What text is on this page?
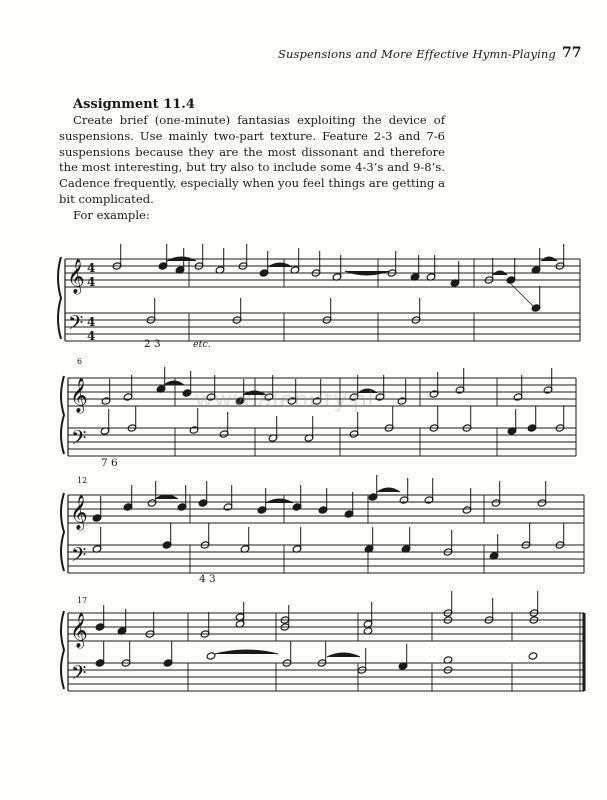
Suspensions and More Effective Hymn-Playing 77
Assignment 11.4

Create brief (one-minute) fantasias exploiting the device of suspensions. Use mainly two-part texture. Feature 2-3 and 7-6 suspensions because they are the most dissonant and therefore the most interesting, but try also to include some 4-3’s and 9-8’s. Cadence frequently, especially when you feel things are getting a bit complicated.

For example:

𝄞
𝄢
4
4
4
4
𝄞
𝄢
𝄞
𝄢
𝄞
𝄢
6
12
17
2 3	etc.
7 6
4 3
www.alenuty.pl
